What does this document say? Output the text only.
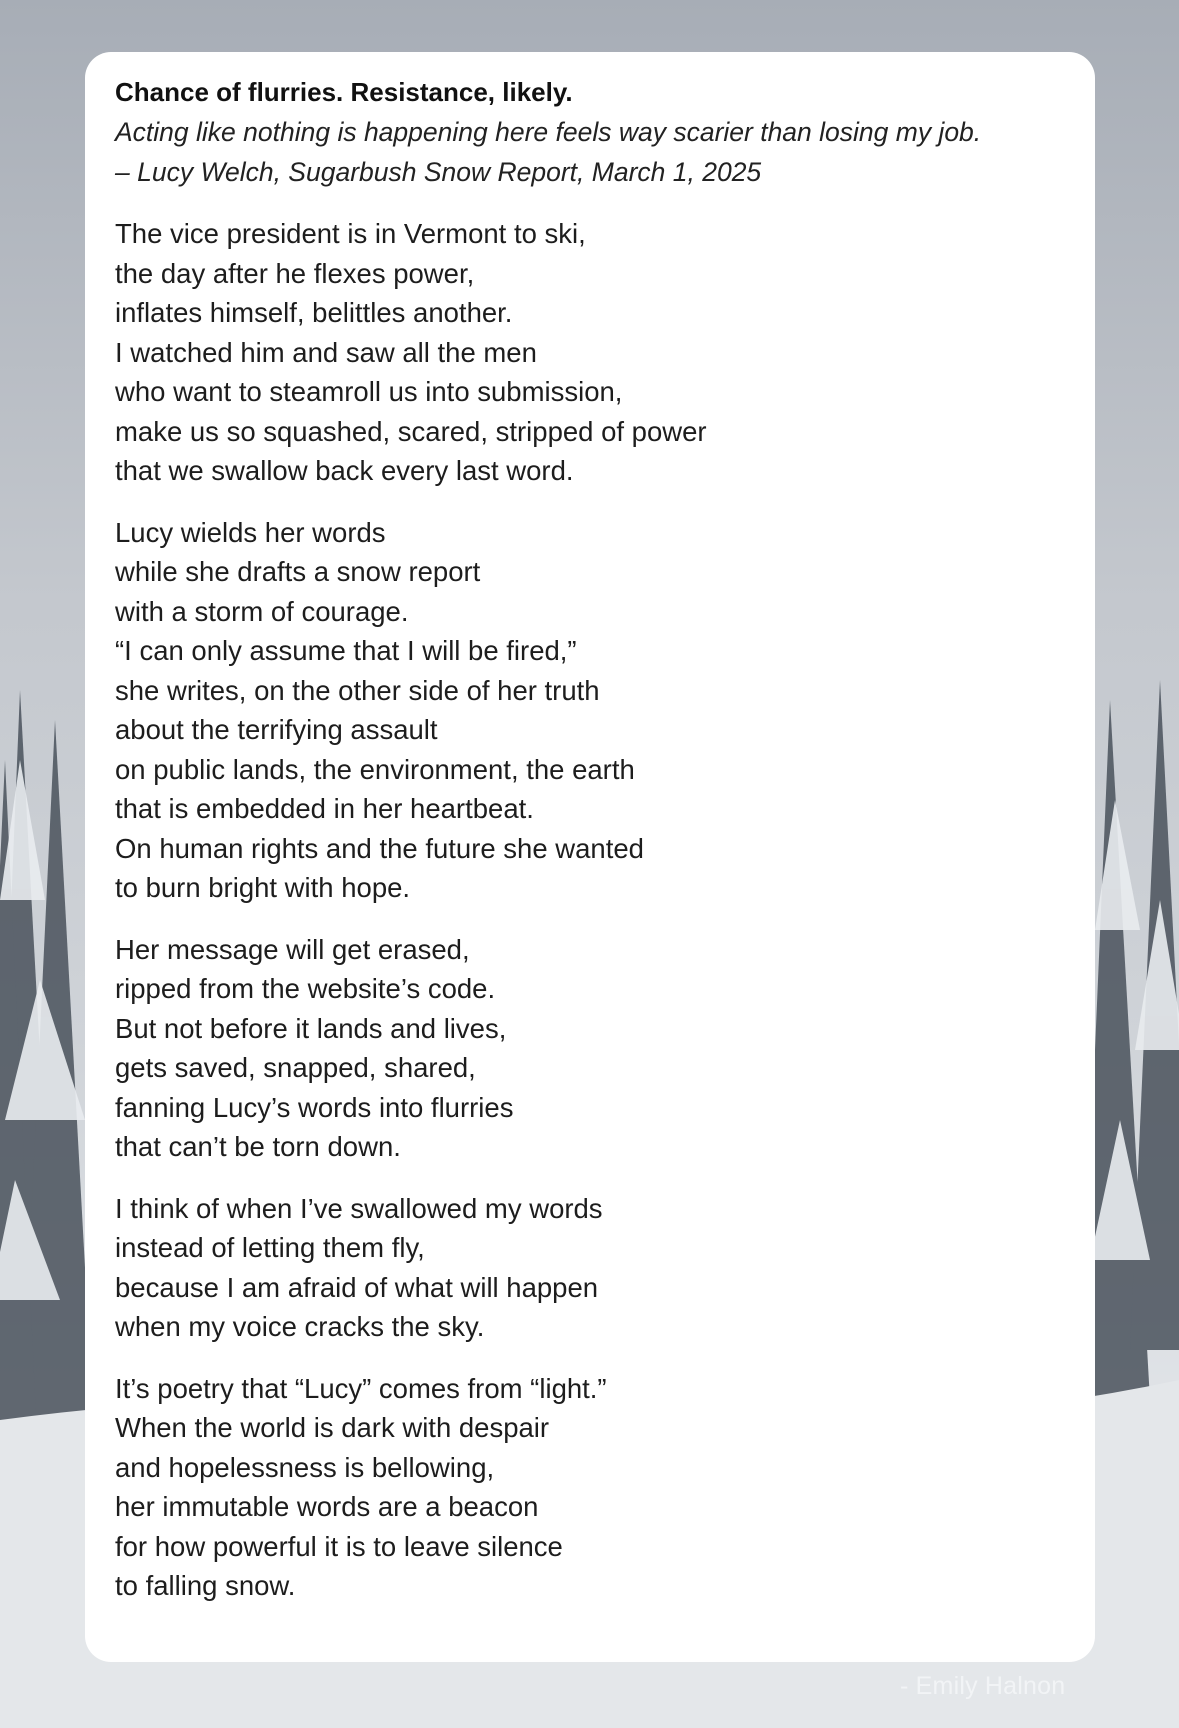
Chance of flurries. Resistance, likely.

Acting like nothing is happening here feels way scarier than losing my job.

– Lucy Welch, Sugarbush Snow Report, March 1, 2025

The vice president is in Vermont to ski,
the day after he flexes power,
inflates himself, belittles another.
I watched him and saw all the men
who want to steamroll us into submission,
make us so squashed, scared, stripped of power
that we swallow back every last word.
Lucy wields her words
while she drafts a snow report
with a storm of courage.
“I can only assume that I will be fired,”
she writes, on the other side of her truth
about the terrifying assault
on public lands, the environment, the earth
that is embedded in her heartbeat.
On human rights and the future she wanted
to burn bright with hope.
Her message will get erased,
ripped from the website’s code.
But not before it lands and lives,
gets saved, snapped, shared,
fanning Lucy’s words into flurries
that can’t be torn down.
I think of when I’ve swallowed my words
instead of letting them fly,
because I am afraid of what will happen
when my voice cracks the sky.
It’s poetry that “Lucy” comes from “light.”
When the world is dark with despair
and hopelessness is bellowing,
her immutable words are a beacon
for how powerful it is to leave silence
to falling snow.

- Emily Halnon
